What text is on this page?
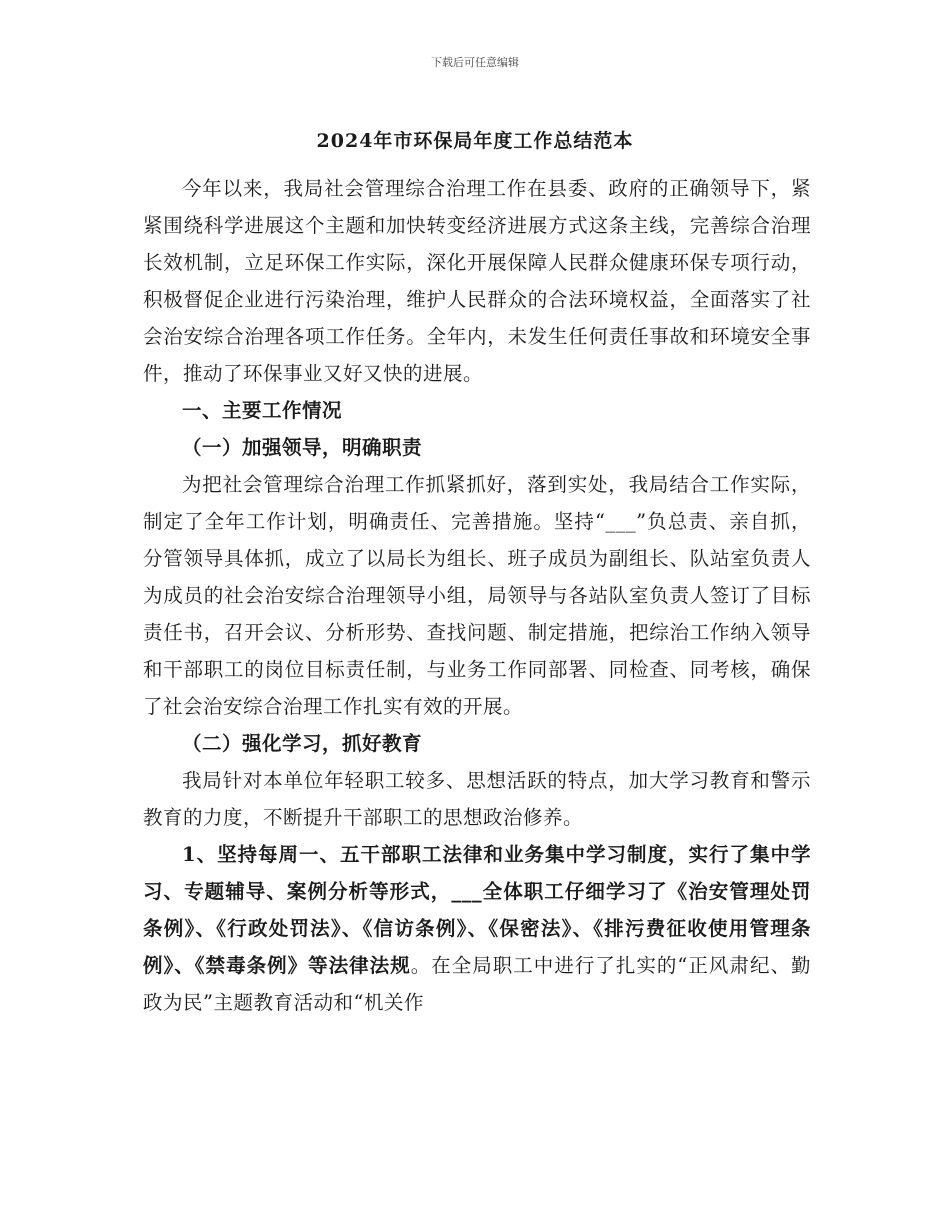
下载后可任意编辑
2024年市环保局年度工作总结范本

今年以来，我局社会管理综合治理工作在县委、政府的正确领导下，紧紧围绕科学进展这个主题和加快转变经济进展方式这条主线，完善综合治理长效机制，立足环保工作实际，深化开展保障人民群众健康环保专项行动，积极督促企业进行污染治理，维护人民群众的合法环境权益，全面落实了社会治安综合治理各项工作任务。全年内，未发生任何责任事故和环境安全事件，推动了环保事业又好又快的进展。

一、主要工作情况

（一）加强领导，明确职责

为把社会管理综合治理工作抓紧抓好，落到实处，我局结合工作实际，制定了全年工作计划，明确责任、完善措施。坚持“___”负总责、亲自抓，分管领导具体抓，成立了以局长为组长、班子成员为副组长、队站室负责人为成员的社会治安综合治理领导小组，局领导与各站队室负责人签订了目标责任书，召开会议、分析形势、查找问题、制定措施，把综治工作纳入领导和干部职工的岗位目标责任制，与业务工作同部署、同检查、同考核，确保了社会治安综合治理工作扎实有效的开展。

（二）强化学习，抓好教育

我局针对本单位年轻职工较多、思想活跃的特点，加大学习教育和警示教育的力度，不断提升干部职工的思想政治修养。

1、坚持每周一、五干部职工法律和业务集中学习制度，实行了集中学习、专题辅导、案例分析等形式，___全体职工仔细学习了《治安管理处罚条例》、《行政处罚法》、《信访条例》、《保密法》、《排污费征收使用管理条例》、《禁毒条例》等法律法规。在全局职工中进行了扎实的“正风肃纪、勤政为民”主题教育活动和“机关作
